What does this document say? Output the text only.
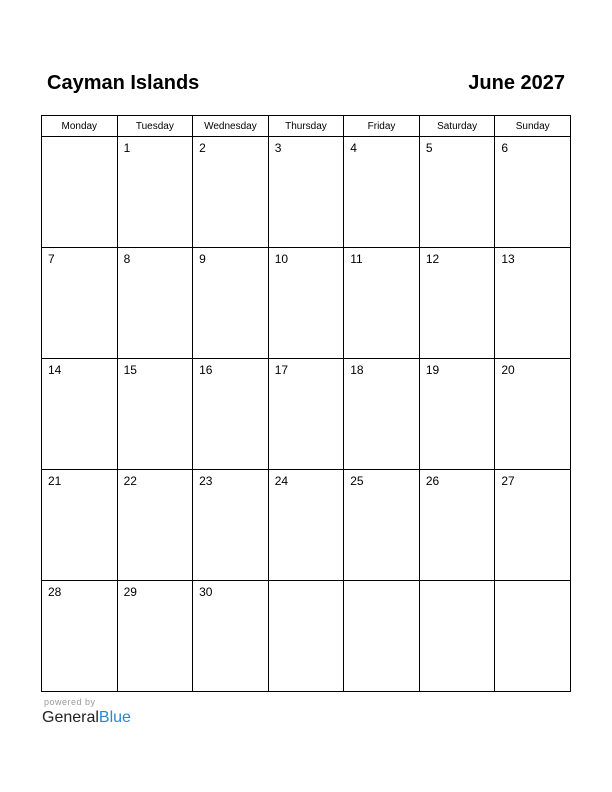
Cayman Islands	June 2027
Monday	Tuesday	Wednesday	Thursday	Friday	Saturday	Sunday

	1	2	3	4	5	6

7	8	9	10	11	12	13

14	15	16	17	18	19	20

21	22	23	24	25	26	27

28	29	30				

powered by
GeneralBlue
